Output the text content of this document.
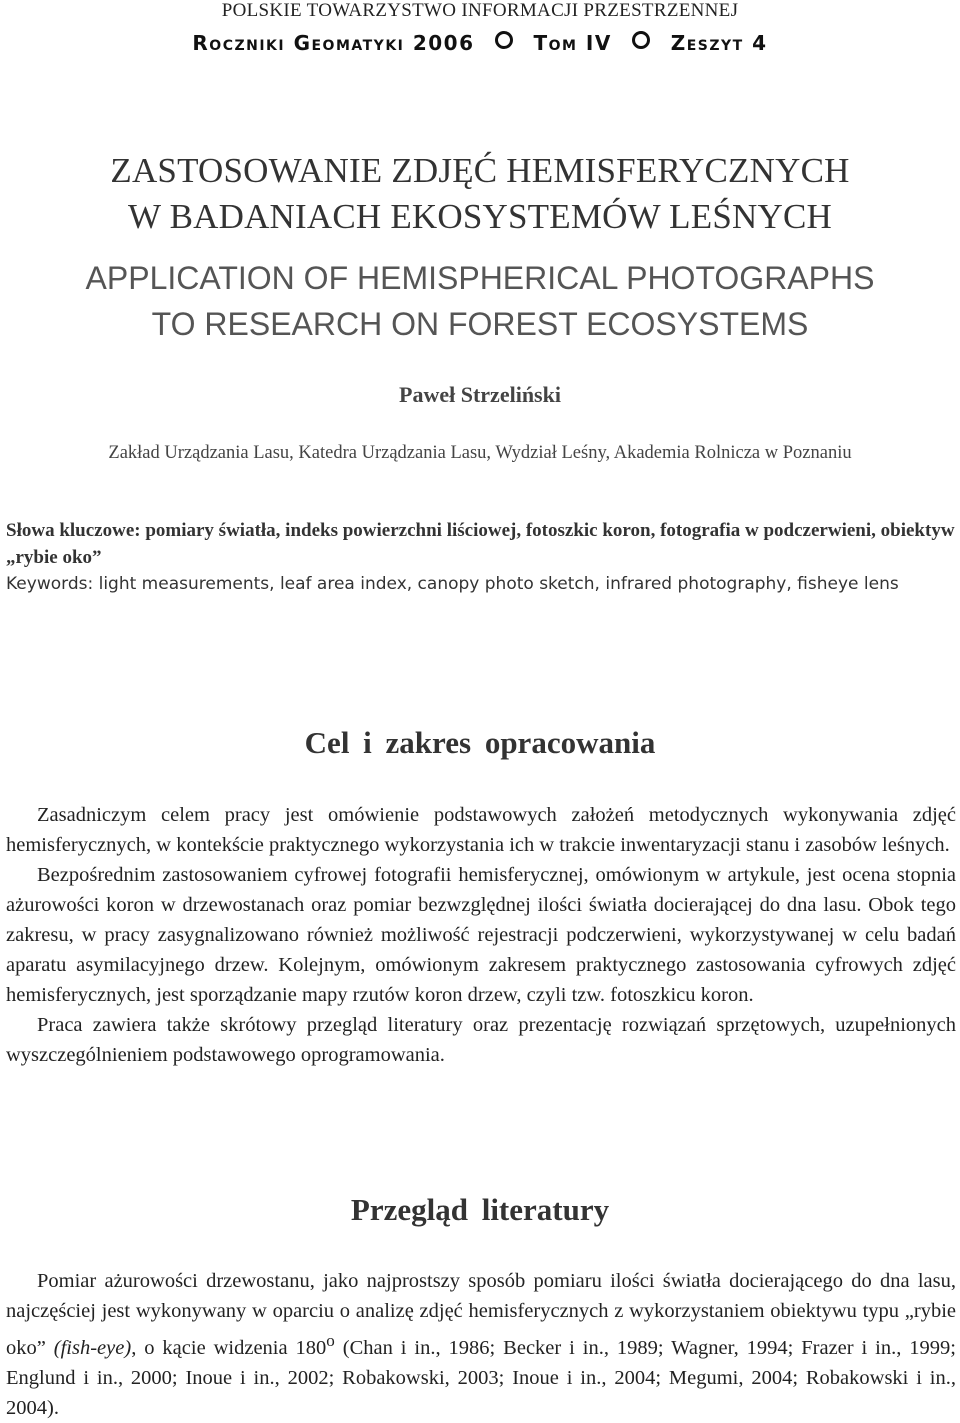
POLSKIE TOWARZYSTWO INFORMACJI PRZESTRZENNEJ
Roczniki Geomatyki 2006	Tom IV	Zeszyt 4
ZASTOSOWANIE ZDJĘĆ HEMISFERYCZNYCH
W BADANIACH EKOSYSTEMÓW LEŚNYCH
APPLICATION OF HEMISPHERICAL PHOTOGRAPHS
TO RESEARCH ON FOREST ECOSYSTEMS
Paweł Strzeliński
Zakład Urządzania Lasu, Katedra Urządzania Lasu, Wydział Leśny, Akademia Rolnicza w Poznaniu
Słowa kluczowe: pomiary światła, indeks powierzchni liściowej, fotoszkic koron, fotografia w podczerwieni, obiektyw „rybie oko”
Keywords: light measurements, leaf area index, canopy photo sketch, infrared photography, fisheye lens
Cel i zakres opracowania

Zasadniczym celem pracy jest omówienie podstawowych założeń metodycznych wykonywania zdjęć hemisferycznych, w kontekście praktycznego wykorzystania ich w trakcie inwentaryzacji stanu i zasobów leśnych.

Bezpośrednim zastosowaniem cyfrowej fotografii hemisferycznej, omówionym w artykule, jest ocena stopnia ażurowości koron w drzewostanach oraz pomiar bezwzględnej ilości światła docierającej do dna lasu. Obok tego zakresu, w pracy zasygnalizowano również możliwość rejestracji podczerwieni, wykorzystywanej w celu badań aparatu asymilacyjnego drzew. Kolejnym, omówionym zakresem praktycznego zastosowania cyfrowych zdjęć hemisferycznych, jest sporządzanie mapy rzutów koron drzew, czyli tzw. fotoszkicu koron.

Praca zawiera także skrótowy przegląd literatury oraz prezentację rozwiązań sprzętowych, uzupełnionych wyszczególnieniem podstawowego oprogramowania.

Przegląd literatury

Pomiar ażurowości drzewostanu, jako najprostszy sposób pomiaru ilości światła docierającego do dna lasu, najczęściej jest wykonywany w oparciu o analizę zdjęć hemisferycznych z wykorzystaniem obiektywu typu „rybie oko” (fish-eye), o kącie widzenia 180$^o$ (Chan i in., 1986; Becker i in., 1989; Wagner, 1994; Frazer i in., 1999; Englund i in., 2000; Inoue i in., 2002; Robakowski, 2003; Inoue i in., 2004; Megumi, 2004; Robakowski i in., 2004).
